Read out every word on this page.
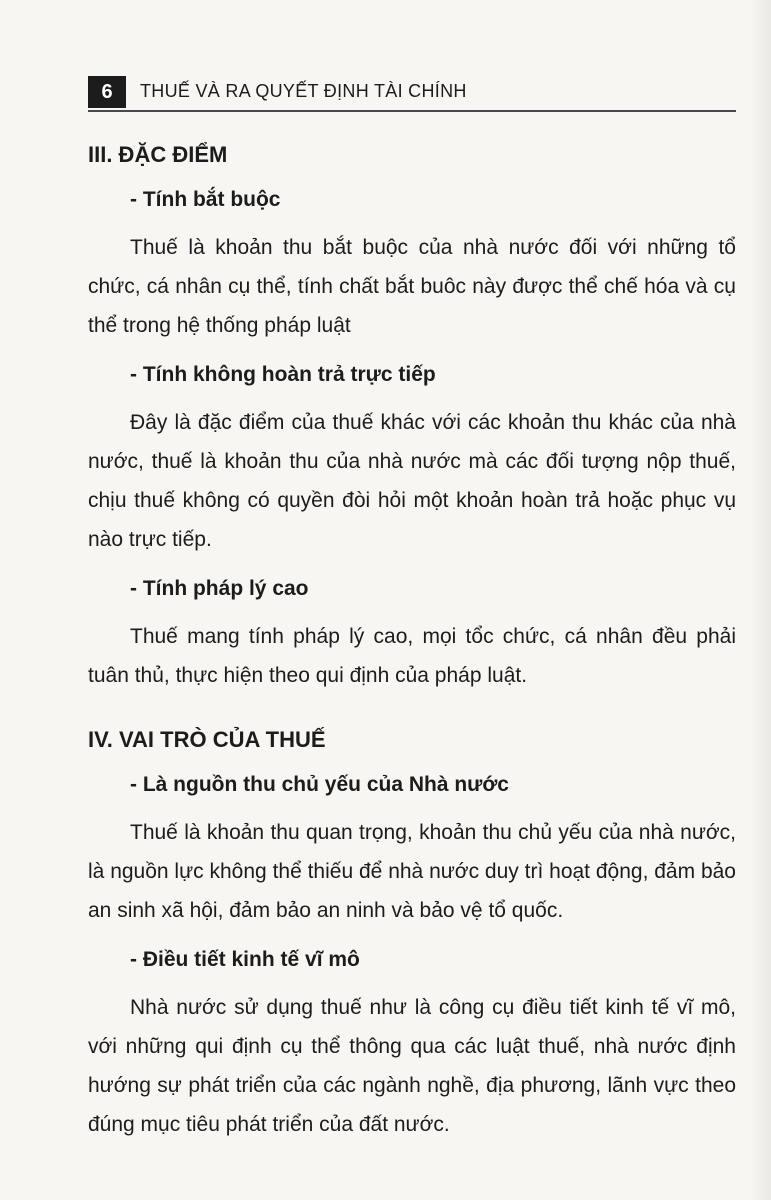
6	THUẾ VÀ RA QUYẾT ĐỊNH TÀI CHÍNH
III. ĐẶC ĐIỂM
- Tính bắt buộc

Thuế là khoản thu bắt buộc của nhà nước đối với những tổ chức, cá nhân cụ thể, tính chất bắt buôc này được thể chế hóa và cụ thể trong hệ thống pháp luật

- Tính không hoàn trả trực tiếp

Đây là đặc điểm của thuế khác với các khoản thu khác của nhà nước, thuế là khoản thu của nhà nước mà các đối tượng nộp thuế, chịu thuế không có quyền đòi hỏi một khoản hoàn trả hoặc phục vụ nào trực tiếp.

- Tính pháp lý cao

Thuế mang tính pháp lý cao, mọi tổc chức, cá nhân đều phải tuân thủ, thực hiện theo qui định của pháp luật.

IV. VAI TRÒ CỦA THUẾ
- Là nguồn thu chủ yếu của Nhà nước

Thuế là khoản thu quan trọng, khoản thu chủ yếu của nhà nước, là nguồn lực không thể thiếu để nhà nước duy trì hoạt động, đảm bảo an sinh xã hội, đảm bảo an ninh và bảo vệ tổ quốc.

- Điều tiết kinh tế vĩ mô

Nhà nước sử dụng thuế như là công cụ điều tiết kinh tế vĩ mô, với những qui định cụ thể thông qua các luật thuế, nhà nước định hướng sự phát triển của các ngành nghề, địa phương, lãnh vực theo đúng mục tiêu phát triển của đất nước.
